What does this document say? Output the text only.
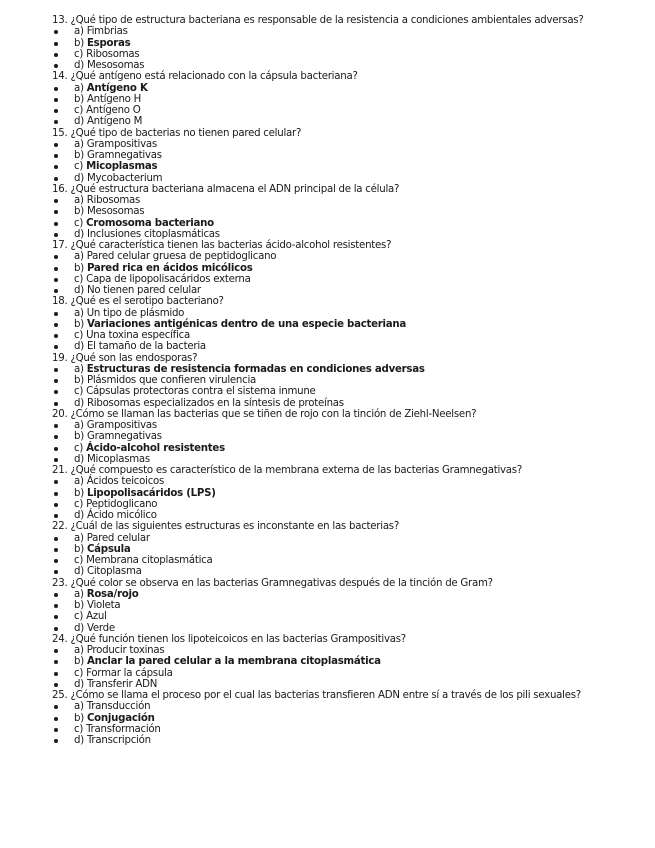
13. ¿Qué tipo de estructura bacteriana es responsable de la resistencia a condiciones ambientales adversas?
a) Fimbrias
b) Esporas
c) Ribosomas
d) Mesosomas
14. ¿Qué antígeno está relacionado con la cápsula bacteriana?
a) Antígeno K
b) Antígeno H
c) Antígeno O
d) Antígeno M
15. ¿Qué tipo de bacterias no tienen pared celular?
a) Grampositivas
b) Gramnegativas
c) Micoplasmas
d) Mycobacterium
16. ¿Qué estructura bacteriana almacena el ADN principal de la célula?
a) Ribosomas
b) Mesosomas
c) Cromosoma bacteriano
d) Inclusiones citoplasmáticas
17. ¿Qué característica tienen las bacterias ácido-alcohol resistentes?
a) Pared celular gruesa de peptidoglicano
b) Pared rica en ácidos micólicos
c) Capa de lipopolisacáridos externa
d) No tienen pared celular
18. ¿Qué es el serotipo bacteriano?
a) Un tipo de plásmido
b) Variaciones antigénicas dentro de una especie bacteriana
c) Una toxina específica
d) El tamaño de la bacteria
19. ¿Qué son las endosporas?
a) Estructuras de resistencia formadas en condiciones adversas
b) Plásmidos que confieren virulencia
c) Cápsulas protectoras contra el sistema inmune
d) Ribosomas especializados en la síntesis de proteínas
20. ¿Cómo se llaman las bacterias que se tiñen de rojo con la tinción de Ziehl-Neelsen?
a) Grampositivas
b) Gramnegativas
c) Ácido-alcohol resistentes
d) Micoplasmas
21. ¿Qué compuesto es característico de la membrana externa de las bacterias Gramnegativas?
a) Ácidos teicoicos
b) Lipopolisacáridos (LPS)
c) Peptidoglicano
d) Ácido micólico
22. ¿Cuál de las siguientes estructuras es inconstante en las bacterias?
a) Pared celular
b) Cápsula
c) Membrana citoplasmática
d) Citoplasma
23. ¿Qué color se observa en las bacterias Gramnegativas después de la tinción de Gram?
a) Rosa/rojo
b) Violeta
c) Azul
d) Verde
24. ¿Qué función tienen los lipoteicoicos en las bacterias Grampositivas?
a) Producir toxinas
b) Anclar la pared celular a la membrana citoplasmática
c) Formar la cápsula
d) Transferir ADN
25. ¿Cómo se llama el proceso por el cual las bacterias transfieren ADN entre sí a través de los pili sexuales?
a) Transducción
b) Conjugación
c) Transformación
d) Transcripción
